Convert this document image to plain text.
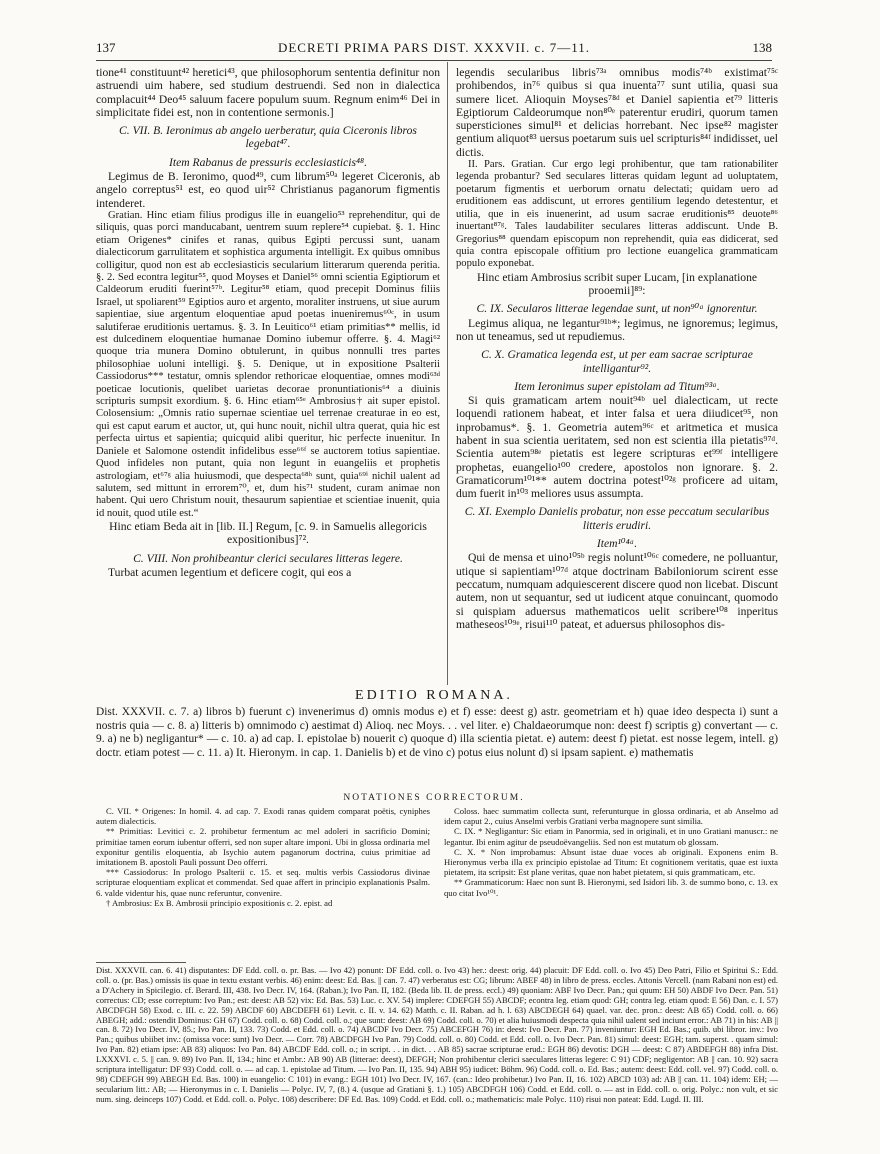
137	DECRETI PRIMA PARS DIST. XXXVII. c. 7—11.	138

tione⁴¹ constituunt⁴² heretici⁴³, que philosophorum sententia definitur non astruendi uim habere, sed studium destruendi. Sed non in dialectica complacuit⁴⁴ Deo⁴⁵ saluum facere populum suum. Regnum enim⁴⁶ Dei in simplicitate fidei est, non in contentione sermonis.]

C. VII. B. Ieronimus ab angelo uerberatur, quia Ciceronis libros legebat⁴⁷.
Item Rabanus de pressuris ecclesiasticis⁴⁸.

Legimus de B. Ieronimo, quod⁴⁹, cum librum⁵⁰ᵃ legeret Ciceronis, ab angelo correptus⁵¹ est, eo quod uir⁵² Christianus paganorum figmentis intenderet.

Gratian. Hinc etiam filius prodigus ille in euangelio⁵³ reprehenditur, qui de siliquis, quas porci manducabant, uentrem suum replere⁵⁴ cupiebat. §. 1. Hinc etiam Origenes* cinifes et ranas, quibus Egipti percussi sunt, uanam dialecticorum garrulitatem et sophistica argumenta intelligit. Ex quibus omnibus colligitur, quod non est ab ecclesiasticis secularium litterarum querenda peritia. §. 2. Sed econtra legitur⁵⁵, quod Moyses et Daniel⁵⁶ omni scientia Egiptiorum et Caldeorum eruditi fuerint⁵⁷ᵇ. Legitur⁵⁸ etiam, quod precepit Dominus filiis Israel, ut spoliarent⁵⁹ Egiptios auro et argento, moraliter instruens, ut siue aurum sapientiae, siue argentum eloquentiae apud poetas inueniremus⁶⁰ᶜ, in usum salutiferae eruditionis uertamus. §. 3. In Leuitico⁶¹ etiam primitias** mellis, id est dulcedinem eloquentiae humanae Domino iubemur offerre. §. 4. Magi⁶² quoque tria munera Domino obtulerunt, in quibus nonnulli tres partes philosophiae uoluni intelligi. §. 5. Denique, ut in expositione Psalterii Cassiodorus*** testatur, omnis splendor rethoricae eloquentiae, omnes modi⁶³ᵈ poeticae locutionis, quelibet uarietas decorae pronuntiationis⁶⁴ a diuinis scripturis sumpsit exordium. §. 6. Hinc etiam⁶⁵ᵉ Ambrosius† ait super epistol. Colosensium: „Omnis ratio supernae scientiae uel terrenae creaturae in eo est, qui est caput earum et auctor, ut, qui hunc nouit, nichil ultra querat, quia hic est perfecta uirtus et sapientia; quicquid alibi queritur, hic perfecte inuenitur. In Daniele et Salomone ostendit infidelibus esse⁶⁶ᶠ se auctorem totius sapientiae. Quod infideles non putant, quia non legunt in euangeliis et prophetis astrologiam, et⁶⁷ᵍ alia huiusmodi, que despecta⁶⁸ʰ sunt, quia⁶⁹ⁱ nichil ualent ad salutem, sed mittunt in errorem⁷⁰, et, dum his⁷¹ student, curam animae non habent. Qui uero Christum nouit, thesaurum sapientiae et scientiae inuenit, quia id nouit, quod utile est.“

Hinc etiam Beda ait in [lib. II.] Regum, [c. 9. in Samuelis allegoricis expositionibus]⁷².

C. VIII. Non prohibeantur clerici seculares litteras legere.

Turbat acumen legentium et deficere cogit, qui eos a

legendis secularibus libris⁷³ᵃ omnibus modis⁷⁴ᵇ existimat⁷⁵ᶜ prohibendos, in⁷⁶ quibus si qua inuenta⁷⁷ sunt utilia, quasi sua sumere licet. Alioquin Moyses⁷⁸ᵈ et Daniel sapientia et⁷⁹ litteris Egiptiorum Caldeorumque non⁸⁰ᵉ paterentur erudiri, quorum tamen supersticiones simul⁸¹ et delicias horrebant. Nec ipse⁸² magister gentium aliquot⁸³ uersus poetarum suis uel scripturis⁸⁴ᶠ indidisset, uel dictis.

II. Pars. Gratian. Cur ergo legi prohibentur, que tam rationabiliter legenda probantur? Sed seculares litteras quidam legunt ad uoluptatem, poetarum figmentis et uerborum ornatu delectati; quidam uero ad eruditionem eas addiscunt, ut errores gentilium legendo detestentur, et utilia, que in eis inuenerint, ad usum sacrae eruditionis⁸⁵ deuote⁸⁶ inuertant⁸⁷ᵍ. Tales laudabiliter seculares litteras addiscunt. Unde B. Gregorius⁸⁸ quendam episcopum non reprehendit, quia eas didicerat, sed quia contra episcopale offitium pro lectione euangelica grammaticam populo exponebat.

Hinc etiam Ambrosius scribit super Lucam, [in explanatione prooemii]⁸⁹:

C. IX. Secularos litterae legendae sunt, ut non⁹⁰ᵃ ignorentur.

Legimus aliqua, ne legantur⁹¹ᵇ*; legimus, ne ignoremus; legimus, non ut teneamus, sed ut repudiemus.

C. X. Gramatica legenda est, ut per eam sacrae scripturae intelligantur⁹².
Item Ieronimus super epistolam ad Titum⁹³ᵃ.

Si quis gramaticam artem nouit⁹⁴ᵇ uel dialecticam, ut recte loquendi rationem habeat, et inter falsa et uera diiudicet⁹⁵, non inprobamus*. §. 1. Geometria autem⁹⁶ᶜ et aritmetica et musica habent in sua scientia ueritatem, sed non est scientia illa pietatis⁹⁷ᵈ. Scientia autem⁹⁸ᵉ pietatis est legere scripturas et⁹⁹ᶠ intelligere prophetas, euangelio¹⁰⁰ credere, apostolos non ignorare. §. 2. Gramaticorum¹⁰¹** autem doctrina potest¹⁰²ᵍ proficere ad uitam, dum fuerit in¹⁰³ meliores usus assumpta.

C. XI. Exemplo Danielis probatur, non esse peccatum secularibus litteris erudiri.
Item¹⁰⁴ᵃ.

Qui de mensa et uino¹⁰⁵ᵇ regis nolunt¹⁰⁶ᶜ comedere, ne polluantur, utique si sapientiam¹⁰⁷ᵈ atque doctrinam Babiloniorum scirent esse peccatum, numquam adquiescerent discere quod non licebat. Discunt autem, non ut sequantur, sed ut iudicent atque conuincant, quomodo si quispiam aduersus mathematicos uelit scribere¹⁰⁸ inperitus matheseos¹⁰⁹ᵉ, risui¹¹⁰ pateat, et aduersus philosophos dis-

EDITIO ROMANA.
Dist. XXXVII. c. 7. a) libros b) fuerunt c) invenerimus d) omnis modus e) et f) esse: deest g) astr. geometriam et h) quae ideo despecta i) sunt a nostris quia — c. 8. a) litteris b) omnimodo c) aestimat d) Alioq. nec Moys. . . vel liter. e) Chaldaeorumque non: deest f) scriptis g) convertant — c. 9. a) ne b) negligantur* — c. 10. a) ad cap. I. epistolae b) nouerit c) quoque d) illa scientia pietat. e) autem: deest f) pietat. est nosse legem, intell. g) doctr. etiam potest — c. 11. a) It. Hieronym. in cap. 1. Danielis b) et de vino c) potus eius nolunt d) si ipsam sapient. e) mathematis
NOTATIONES CORRECTORUM.

C. VII. * Origenes: In homil. 4. ad cap. 7. Exodi ranas quidem comparat poëtis, cyniphes autem dialecticis.

** Primitias: Levitici c. 2. prohibetur fermentum ac mel adoleri in sacrificio Domini; primitiae tamen eorum iubentur offerri, sed non super altare imponi. Ubi in glossa ordinaria mel exponitur gentilis eloquentia, ab Isychio autem paganorum doctrina, cuius primitiae ad imitationem B. apostoli Pauli possunt Deo offerri.

*** Cassiodorus: In prologo Psalterii c. 15. et seq. multis verbis Cassiodorus divinae scripturae eloquentiam explicat et commendat. Sed quae affert in principio explanationis Psalm. 6. valde videntur his, quae nunc referuntur, convenire.

† Ambrosius: Ex B. Ambrosii principio expositionis c. 2. epist. ad

Coloss. haec summatim collecta sunt, referunturque in glossa ordinaria, et ab Anselmo ad idem caput 2., cuius Anselmi verbis Gratiani verba magnopere sunt similia.

C. IX. * Negligantur: Sic etiam in Panormia, sed in originali, et in uno Gratiani manuscr.: ne legantur. Ibi enim agitur de pseudoëvangeliis. Sed non est mutatum ob glossam.

C. X. * Non improbamus: Absunt istae duae voces ab originali. Exponens enim B. Hieronymus verba illa ex principio epistolae ad Titum: Et cognitionem veritatis, quae est iuxta pietatem, ita scripsit: Est plane veritas, quae non habet pietatem, si quis grammaticam, etc.

** Grammaticorum: Haec non sunt B. Hieronymi, sed Isidori lib. 3. de summo bono, c. 13. ex quo citat Ivo¹⁰¹.

Dist. XXXVII. can. 6. 41) disputantes: DF Edd. coll. o. pr. Bas. — Ivo 42) ponunt: DF Edd. coll. o. Ivo 43) her.: deest: orig. 44) placuit: DF Edd. coll. o. Ivo 45) Deo Patri, Filio et Spiritui S.: Edd. coll. o. (pr. Bas.) omissis iis quae in textu exstant verbis. 46) enim: deest: Ed. Bas. || can. 7. 47) verberatus est: CG; librum: ABEF 48) in libro de press. eccles. Attonis Vercell. (nam Rabani non est) ed. a D'Achery in Spicilegio. cf. Berard. III, 438. Ivo Decr. IV, 164. (Raban.); Ivo Pan. II, 182. (Beda lib. II. de press. eccl.) 49) quoniam: ABF Ivo Decr. Pan.; qui quum: EH 50) ABDF Ivo Decr. Pan. 51) correctus: CD; esse correptum: Ivo Pan.; est: deest: AB 52) vix: Ed. Bas. 53) Luc. c. XV. 54) implere: CDEFGH 55) ABCDF; econtra leg. etiam quod: GH; contra leg. etiam quod: E 56) Dan. c. I. 57) ABCDFGH 58) Exod. c. III. c. 22. 59) ABCDF 60) ABCDEFH 61) Levit. c. II. v. 14. 62) Matth. c. II. Raban. ad h. l. 63) ABCDEGH 64) quael. var. dec. pron.: deest: AB 65) Codd. coll. o. 66) ABEGH; add.: ostendit Dominus: GH 67) Codd. coll. o. 68) Codd. coll. o.; que sunt: deest: AB 69) Codd. coll. o. 70) et alia huiusmodi despecta quia nihil ualent sed inciunt error.: AB 71) in his: AB || can. 8. 72) Ivo Decr. IV, 85.; Ivo Pan. II, 133. 73) Codd. et Edd. coll. o. 74) ABCDF Ivo Decr. 75) ABCEFGH 76) in: deest: Ivo Decr. Pan. 77) inveniuntur: EGH Ed. Bas.; quib. ubi libror. inv.: Ivo Pan.; quibus ubiibet inv.: (omissa voce: sunt) Ivo Decr. — Corr. 78) ABCDFGH Ivo Pan. 79) Codd. coll. o. 80) Codd. et Edd. coll. o. Ivo Decr. Pan. 81) simul: deest: EGH; tam. superst. . quam simul: Ivo Pan. 82) etiam ipse: AB 83) aliquos: Ivo Pan. 84) ABCDF Edd. coll. o.; in script. . . in dict. . . AB 85) sacrae scripturae erud.: EGH 86) devotis: DGH — deest: C 87) ABDEFGH 88) infra Dist. LXXXVI. c. 5. || can. 9. 89) Ivo Pan. II, 134.; hinc et Ambr.: AB 90) AB (litterae: deest), DEFGH; Non prohibentur clerici saeculares litteras legere: C 91) CDF; negligentor: AB || can. 10. 92) sacra scriptura intelligatur: DF 93) Codd. coll. o. — ad cap. 1. epistolae ad Titum. — Ivo Pan. II, 135. 94) ABH 95) iudicet: Böhm. 96) Codd. coll. o. Ed. Bas.; autem: deest: Edd. coll. vel. 97) Codd. coll. o. 98) CDEFGH 99) ABEGH Ed. Bas. 100) in euangelio: C 101) in evang.: EGH 101) Ivo Decr. IV, 167. (can.: Ideo prohibetur.) Ivo Pan. II, 16. 102) ABCD 103) ad: AB || can. 11. 104) idem: EH; — secularium litt.: AB; — Hieronymus in c. I. Danielis — Polyc. IV, 7, (8.) 4. (usque ad Gratiani §. 1.) 105) ABCDFGH 106) Codd. et Edd. coll. o. — ast in Edd. coll. o. orig. Polyc.: non vult, et sic num. sing. deinceps 107) Codd. et Edd. coll. o. Polyc. 108) describere: DF Ed. Bas. 109) Codd. et Edd. coll. o.; mathematicis: male Polyc. 110) risui non pateat: Edd. Lugd. II. III.
